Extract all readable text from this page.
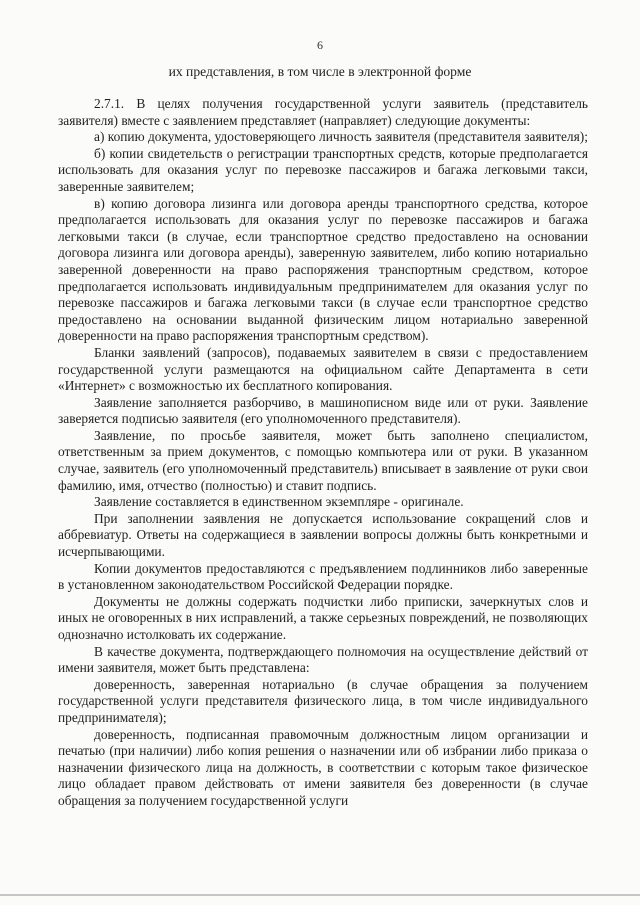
6
их представления, в том числе в электронной форме

2.7.1. В целях получения государственной услуги заявитель (представитель заявителя) вместе с заявлением представляет (направляет) следующие документы:

а) копию документа, удостоверяющего личность заявителя (представителя заявителя);

б) копии свидетельств о регистрации транспортных средств, которые предполагается использовать для оказания услуг по перевозке пассажиров и багажа легковыми такси, заверенные заявителем;

в) копию договора лизинга или договора аренды транспортного средства, которое предполагается использовать для оказания услуг по перевозке пассажиров и багажа легковыми такси (в случае, если транспортное средство предоставлено на основании договора лизинга или договора аренды), заверенную заявителем, либо копию нотариально заверенной доверенности на право распоряжения транспортным средством, которое предполагается использовать индивидуальным предпринимателем для оказания услуг по перевозке пассажиров и багажа легковыми такси (в случае если транспортное средство предоставлено на основании выданной физическим лицом нотариально заверенной доверенности на право распоряжения транспортным средством).

Бланки заявлений (запросов), подаваемых заявителем в связи с предоставлением государственной услуги размещаются на официальном сайте Департамента в сети «Интернет» с возможностью их бесплатного копирования.

Заявление заполняется разборчиво, в машинописном виде или от руки. Заявление заверяется подписью заявителя (его уполномоченного представителя).

Заявление, по просьбе заявителя, может быть заполнено специалистом, ответственным за прием документов, с помощью компьютера или от руки. В указанном случае, заявитель (его уполномоченный представитель) вписывает в заявление от руки свои фамилию, имя, отчество (полностью) и ставит подпись.

Заявление составляется в единственном экземпляре - оригинале.

При заполнении заявления не допускается использование сокращений слов и аббревиатур. Ответы на содержащиеся в заявлении вопросы должны быть конкретными и исчерпывающими.

Копии документов предоставляются с предъявлением подлинников либо заверенные в установленном законодательством Российской Федерации порядке.

Документы не должны содержать подчистки либо приписки, зачеркнутых слов и иных не оговоренных в них исправлений, а также серьезных повреждений, не позволяющих однозначно истолковать их содержание.

В качестве документа, подтверждающего полномочия на осуществление действий от имени заявителя, может быть представлена:

доверенность, заверенная нотариально (в случае обращения за получением государственной услуги представителя физического лица, в том числе индивидуального предпринимателя);

доверенность, подписанная правомочным должностным лицом организации и печатью (при наличии) либо копия решения о назначении или об избрании либо приказа о назначении физического лица на должность, в соответствии с которым такое физическое лицо обладает правом действовать от имени заявителя без доверенности (в случае обращения за получением государственной услуги
